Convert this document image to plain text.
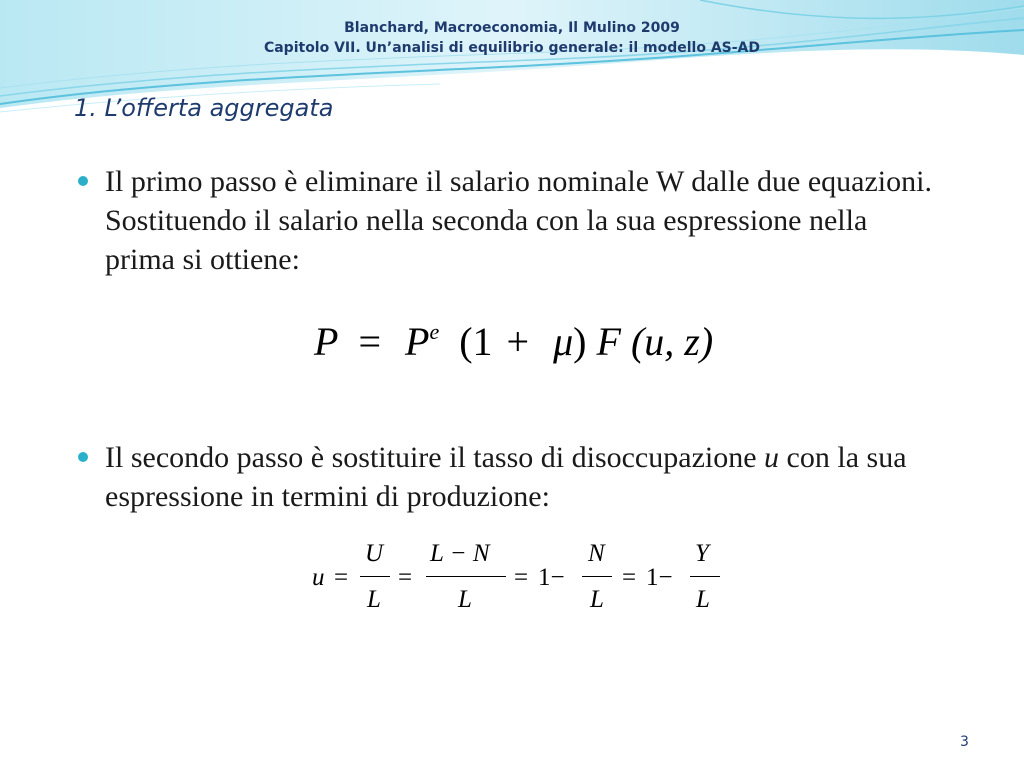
Blanchard, Macroeconomia, Il Mulino 2009
Capitolo VII. Un’analisi di equilibrio generale: il modello AS-AD
1. L’offerta aggregata
Il primo passo è eliminare il salario nominale W dalle due equazioni. Sostituendo il salario nella seconda con la sua espressione nella prima si ottiene:
$P = P^e$ (1 + μ) F (u, z)
Il secondo passo è sostituire il tasso di disoccupazione u con la sua espressione in termini di produzione:
u =
U
L
=
L − N
L
= 1−
N
L
= 1−
Y
L
3
